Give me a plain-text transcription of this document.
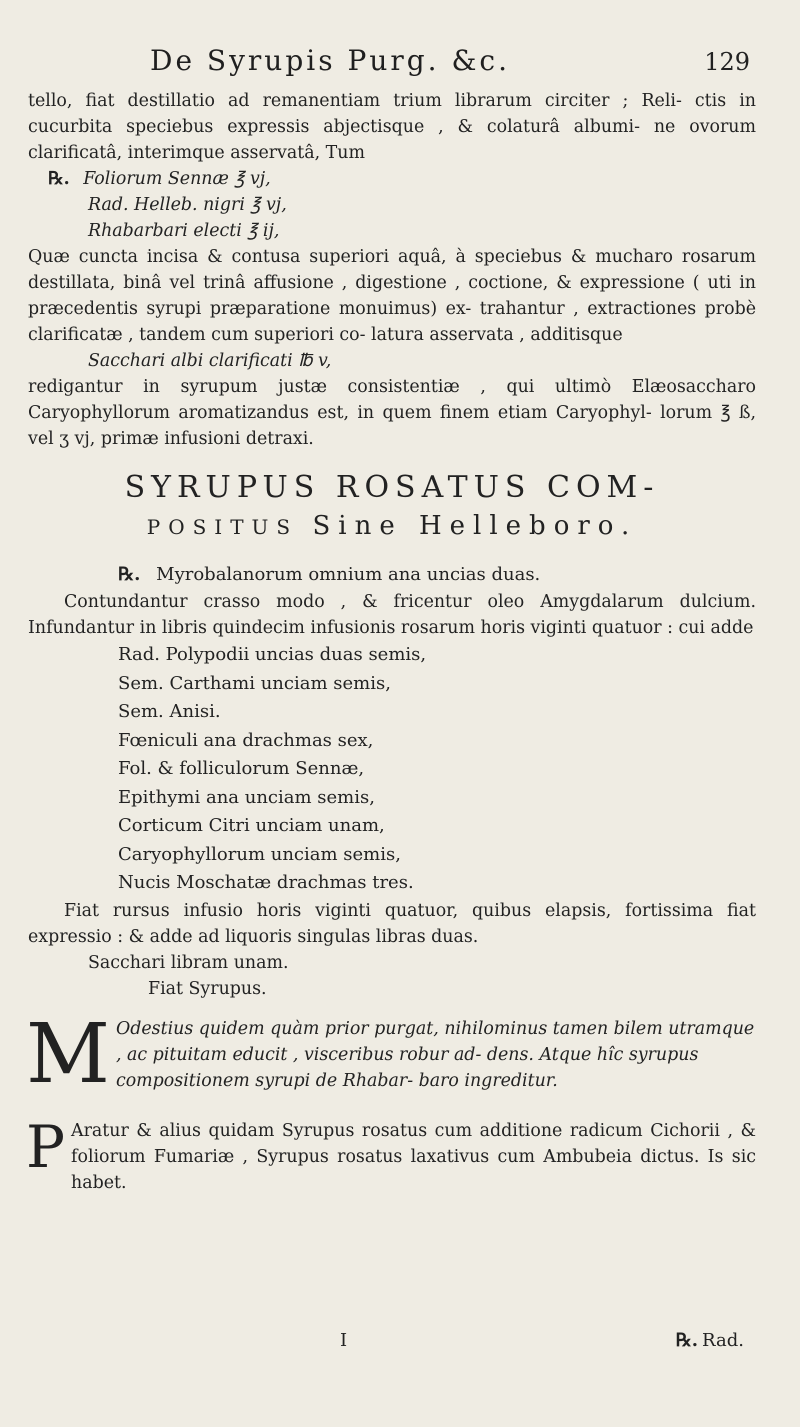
De Syrupis Purg. &c.	129

tello, fiat destillatio ad remanentiam trium librarum circiter ; Reli- ctis in cucurbita speciebus expressis abjectisque , & colaturâ albumi- ne ovorum clarificatâ, interimque asservatâ, Tum

℞. Foliorum Sennæ ℥ vj,

Rad. Helleb. nigri ℥ vj,

Rhabarbari electi ℥ ij,

Quæ cuncta incisa & contusa superiori aquâ, à speciebus & mucharo rosarum destillata, binâ vel trinâ affusione , digestione , coctione, & expressione ( uti in præcedentis syrupi præparatione monuimus) ex- trahantur , extractiones probè clarificatæ , tandem cum superiori co- latura asservata , additisque

Sacchari albi clarificati ℔ v,

redigantur in syrupum justæ consistentiæ , qui ultimò Elæosaccharo Caryophyllorum aromatizandus est, in quem finem etiam Caryophyl- lorum ℥ ß, vel ʒ vj, primæ infusioni detraxi.

SYRUPUS ROSATUS COM-
POSITUS Sine Helleboro.

℞. Myrobalanorum omnium ana uncias duas.

Contundantur crasso modo , & fricentur oleo Amygdalarum dulcium. Infundantur in libris quindecim infusionis rosarum horis viginti quatuor : cui adde

Rad. Polypodii uncias duas semis,
Sem. Carthami unciam semis,
Sem. Anisi.
Fœniculi ana drachmas sex,
Fol. & folliculorum Sennæ,
Epithymi ana unciam semis,
Corticum Citri unciam unam,
Caryophyllorum unciam semis,
Nucis Moschatæ drachmas tres.

Fiat rursus infusio horis viginti quatuor, quibus elapsis, fortissima fiat expressio : & adde ad liquoris singulas libras duas.

Sacchari libram unam.

Fiat Syrupus.

M Odestius quidem quàm prior purgat, nihilominus tamen bilem utramque , ac pituitam educit , visceribus robur ad- dens. Atque hîc syrupus compositionem syrupi de Rhabar- baro ingreditur.

P Aratur & alius quidam Syrupus rosatus cum additione radicum Cichorii , & foliorum Fumariæ , Syrupus rosatus laxativus cum Ambubeia dictus. Is sic habet.

I	℞. Rad.
